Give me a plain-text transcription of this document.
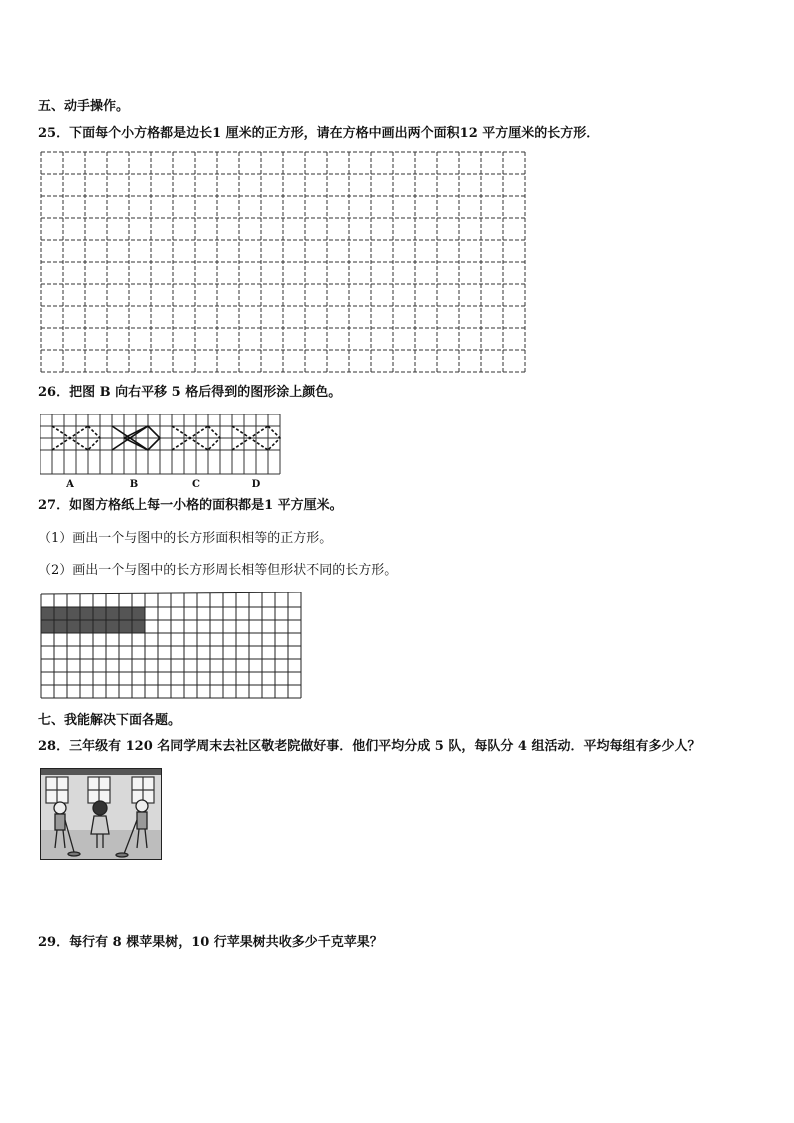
五、动手操作。
25．下面每个小方格都是边长1 厘米的正方形，请在方格中画出两个面积12 平方厘米的长方形．
26．把图 B 向右平移 5 格后得到的图形涂上颜色。
A	B	C	D
27．如图方格纸上每一小格的面积都是1 平方厘米。
（1）画出一个与图中的长方形面积相等的正方形。
（2）画出一个与图中的长方形周长相等但形状不同的长方形。
七、我能解决下面各题。
28．三年级有 120 名同学周末去社区敬老院做好事．他们平均分成 5 队，每队分 4 组活动．平均每组有多少人？
29．每行有 8 棵苹果树，10 行苹果树共收多少千克苹果？
